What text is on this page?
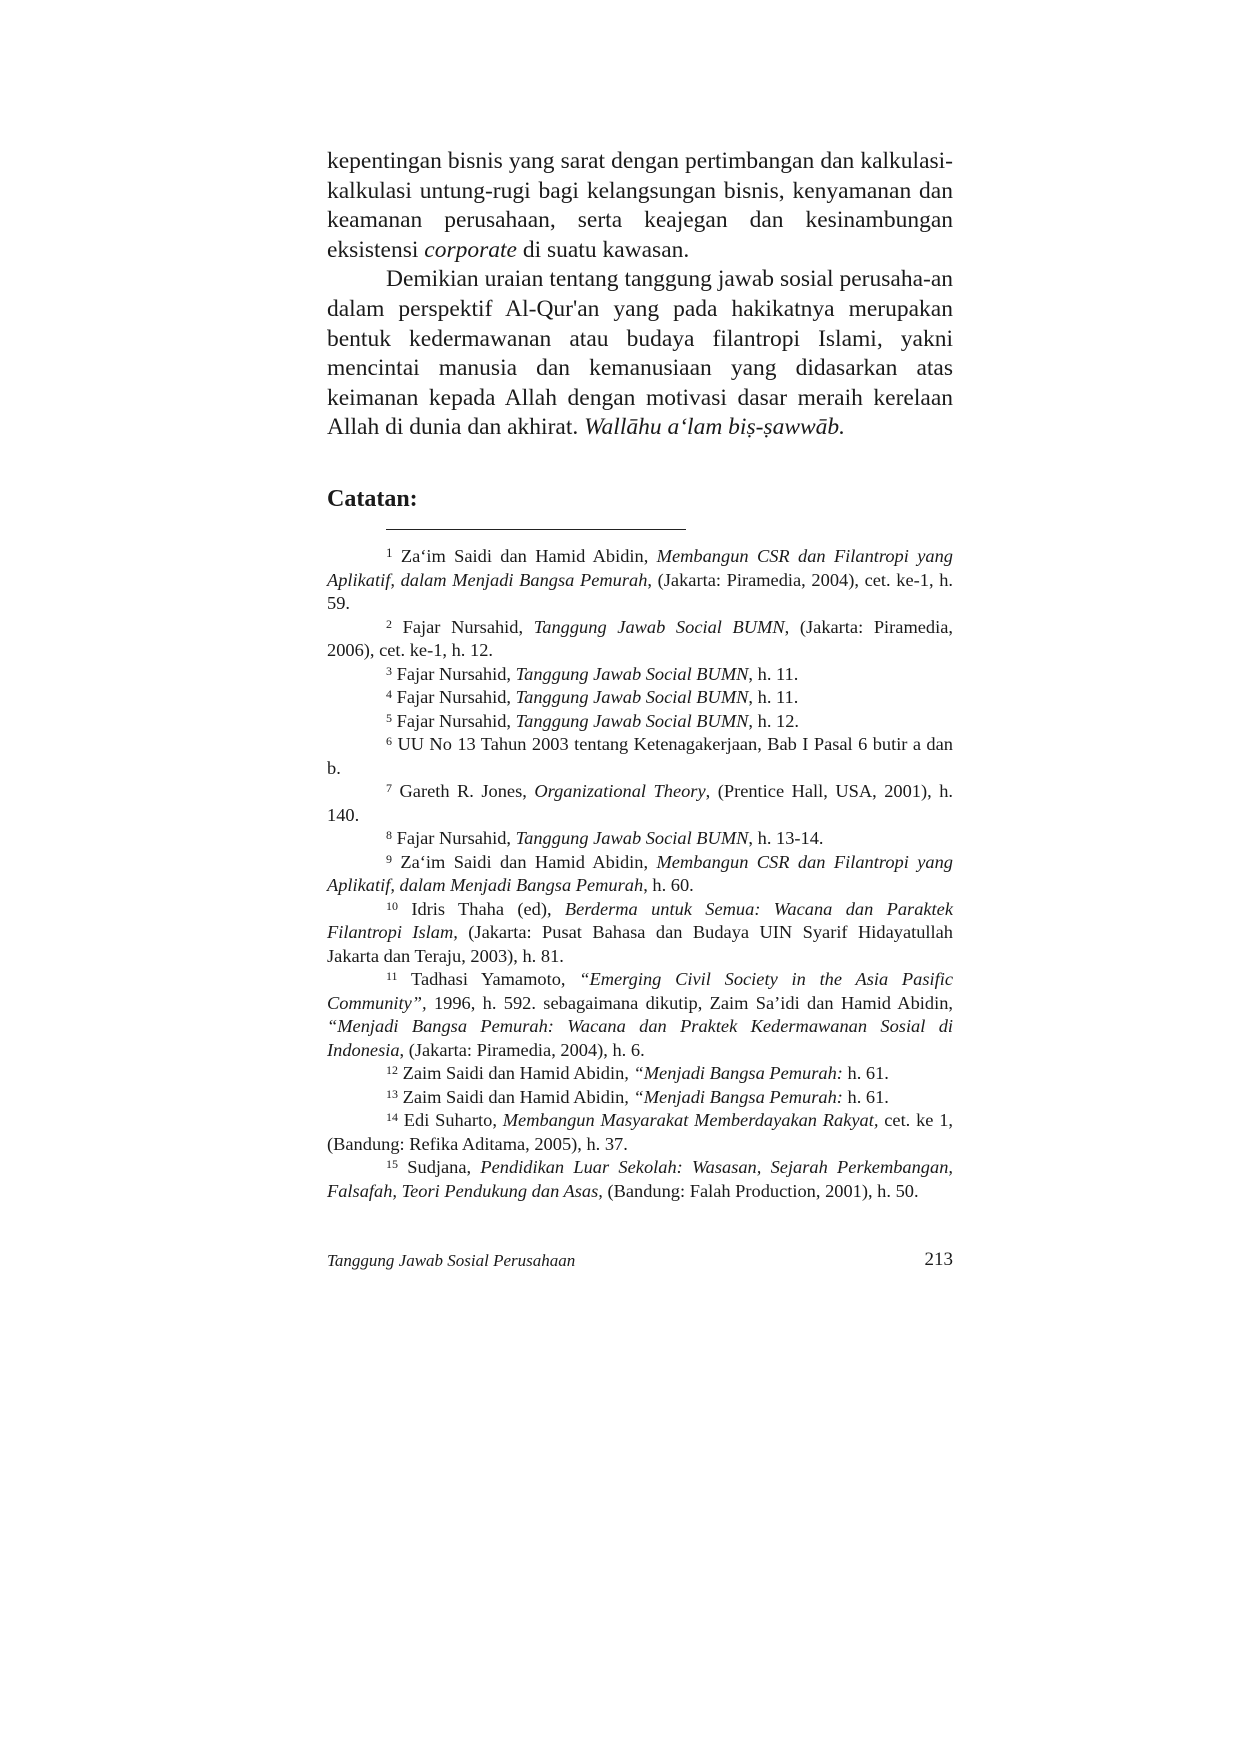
kepentingan bisnis yang sarat dengan pertimbangan dan kalkulasi-kalkulasi untung-rugi bagi kelangsungan bisnis, kenyamanan dan keamanan perusahaan, serta keajegan dan kesinambungan eksistensi corporate di suatu kawasan.

Demikian uraian tentang tanggung jawab sosial perusaha-an dalam perspektif Al-Qur'an yang pada hakikatnya merupakan bentuk kedermawanan atau budaya filantropi Islami, yakni mencintai manusia dan kemanusiaan yang didasarkan atas keimanan kepada Allah dengan motivasi dasar meraih kerelaan Allah di dunia dan akhirat. Wallāhu a‘lam biṣ-ṣawwāb.

Catatan:

$^1$ Za‘im Saidi dan Hamid Abidin, Membangun CSR dan Filantropi yang Aplikatif, dalam Menjadi Bangsa Pemurah, (Jakarta: Piramedia, 2004), cet. ke-1, h. 59.

$^2$ Fajar Nursahid, Tanggung Jawab Social BUMN, (Jakarta: Piramedia, 2006), cet. ke-1, h. 12.

$^3$ Fajar Nursahid, Tanggung Jawab Social BUMN, h. 11.

$^4$ Fajar Nursahid, Tanggung Jawab Social BUMN, h. 11.

$^5$ Fajar Nursahid, Tanggung Jawab Social BUMN, h. 12.

$^6$ UU No 13 Tahun 2003 tentang Ketenagakerjaan, Bab I Pasal 6 butir a dan b.

$^7$ Gareth R. Jones, Organizational Theory, (Prentice Hall, USA, 2001), h. 140.

$^8$ Fajar Nursahid, Tanggung Jawab Social BUMN, h. 13-14.

$^9$ Za‘im Saidi dan Hamid Abidin, Membangun CSR dan Filantropi yang Aplikatif, dalam Menjadi Bangsa Pemurah, h. 60.

$^{10}$ Idris Thaha (ed), Berderma untuk Semua: Wacana dan Paraktek Filantropi Islam, (Jakarta: Pusat Bahasa dan Budaya UIN Syarif Hidayatullah Jakarta dan Teraju, 2003), h. 81.

$^{11}$ Tadhasi Yamamoto, “Emerging Civil Society in the Asia Pasific Community”, 1996, h. 592. sebagaimana dikutip, Zaim Sa’idi dan Hamid Abidin, “Menjadi Bangsa Pemurah: Wacana dan Praktek Kedermawanan Sosial di Indonesia, (Jakarta: Piramedia, 2004), h. 6.

$^{12}$ Zaim Saidi dan Hamid Abidin, “Menjadi Bangsa Pemurah: h. 61.

$^{13}$ Zaim Saidi dan Hamid Abidin, “Menjadi Bangsa Pemurah: h. 61.

$^{14}$ Edi Suharto, Membangun Masyarakat Memberdayakan Rakyat, cet. ke 1, (Bandung: Refika Aditama, 2005), h. 37.

$^{15}$ Sudjana, Pendidikan Luar Sekolah: Wasasan, Sejarah Perkembangan, Falsafah, Teori Pendukung dan Asas, (Bandung: Falah Production, 2001), h. 50.

Tanggung Jawab Sosial Perusahaan	213
